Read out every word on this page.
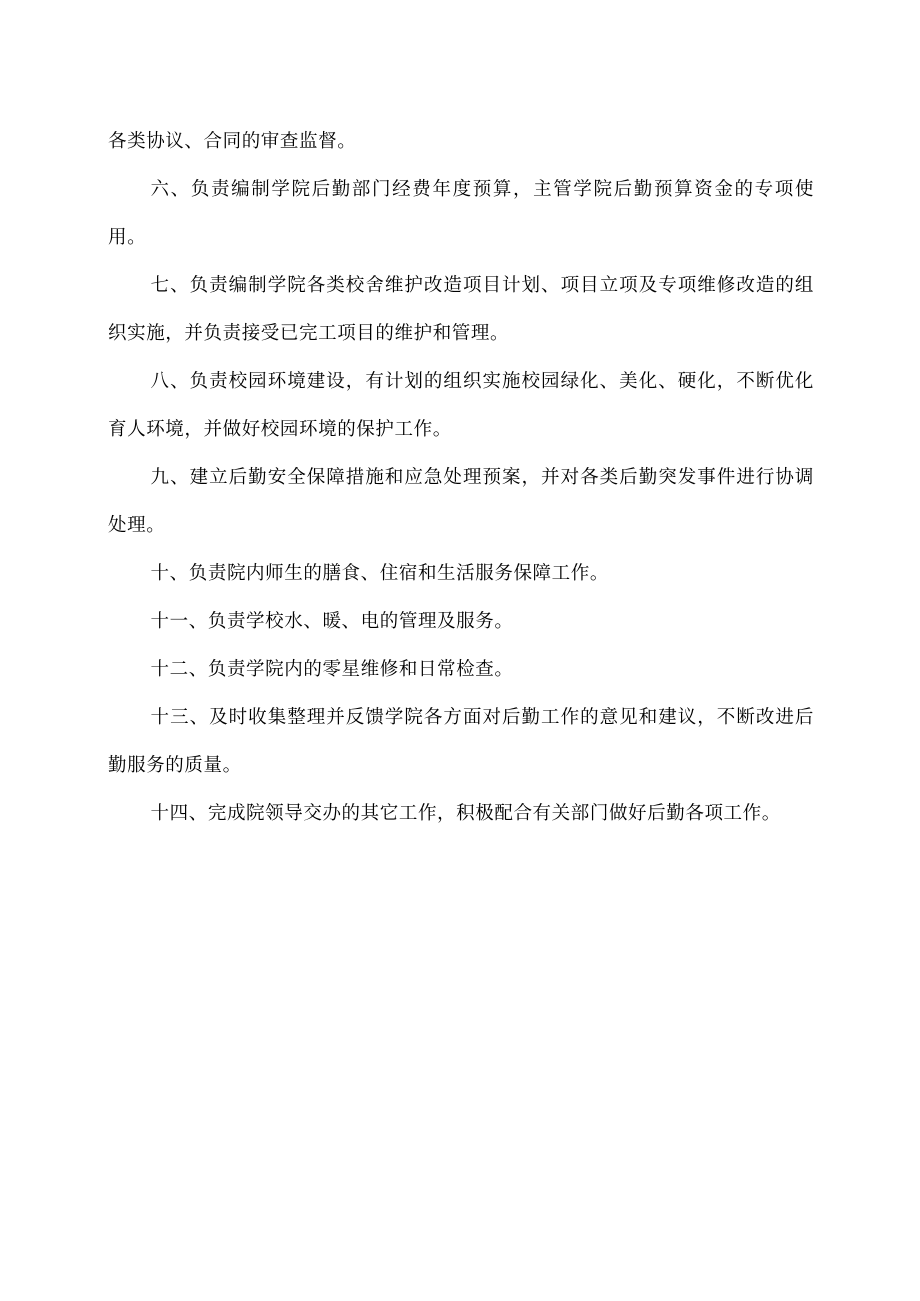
各类协议、合同的审查监督。

六、负责编制学院后勤部门经费年度预算，主管学院后勤预算资金的专项使用。

七、负责编制学院各类校舍维护改造项目计划、项目立项及专项维修改造的组织实施，并负责接受已完工项目的维护和管理。

八、负责校园环境建设，有计划的组织实施校园绿化、美化、硬化，不断优化育人环境，并做好校园环境的保护工作。

九、建立后勤安全保障措施和应急处理预案，并对各类后勤突发事件进行协调处理。

十、负责院内师生的膳食、住宿和生活服务保障工作。

十一、负责学校水、暖、电的管理及服务。

十二、负责学院内的零星维修和日常检查。

十三、及时收集整理并反馈学院各方面对后勤工作的意见和建议，不断改进后勤服务的质量。

十四、完成院领导交办的其它工作，积极配合有关部门做好后勤各项工作。
